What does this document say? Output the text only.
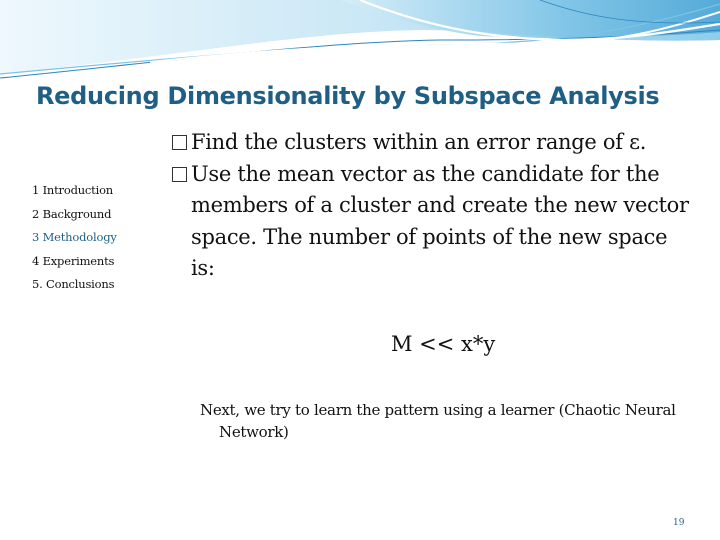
Reducing Dimensionality by Subspace Analysis
1 Introduction
2 Background
3 Methodology
4 Experiments
5. Conclusions
Find the clusters within an error range of ε.
Use the mean vector as the candidate for the members of a cluster and create the new vector space. The number of points of the new space is:

M << x*y

Next, we try to learn the pattern using a learner (Chaotic Neural Network)

19
